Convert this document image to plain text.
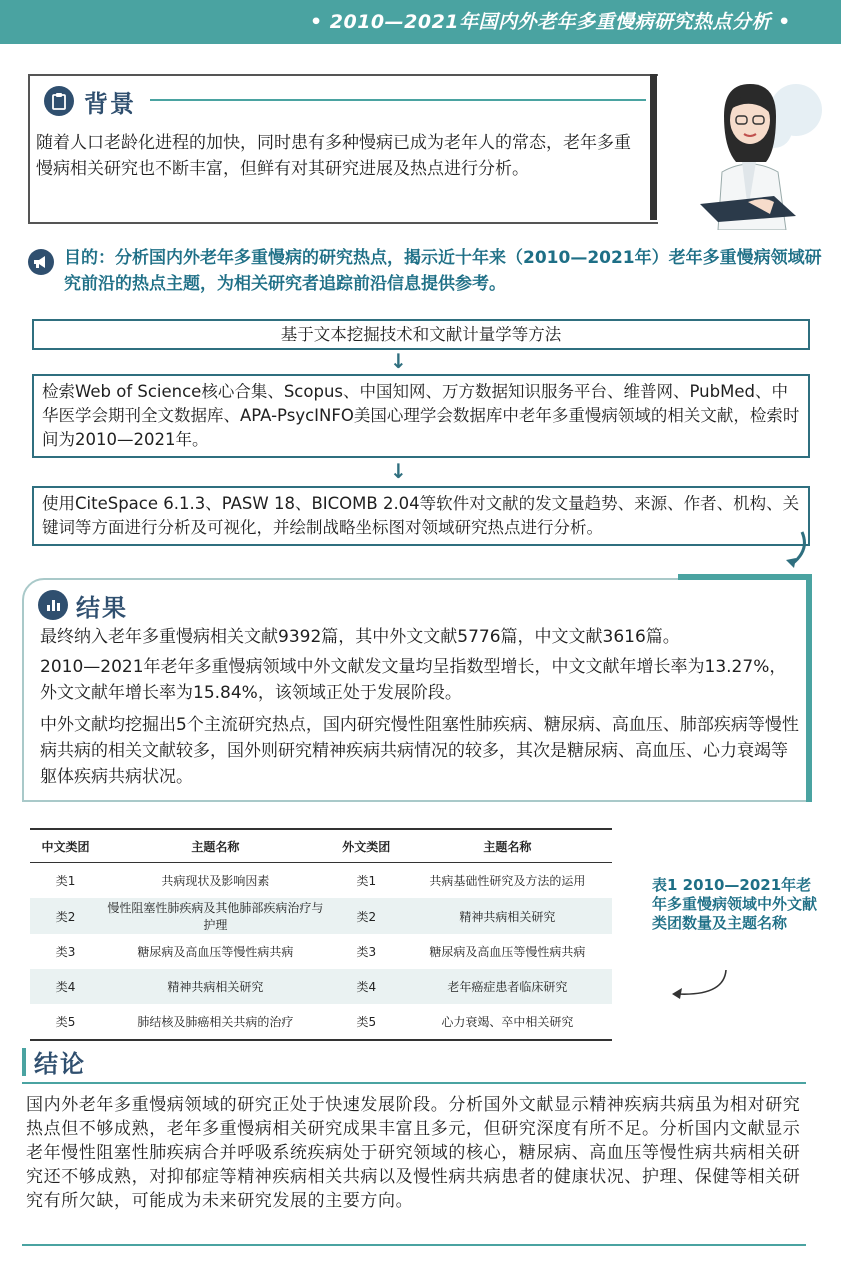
• 2010—2021年国内外老年多重慢病研究热点分析 •
背景
随着人口老龄化进程的加快，同时患有多种慢病已成为老年人的常态，老年多重慢病相关研究也不断丰富，但鲜有对其研究进展及热点进行分析。
目的：分析国内外老年多重慢病的研究热点，揭示近十年来（2010—2021年）老年多重慢病领域研究前沿的热点主题，为相关研究者追踪前沿信息提供参考。
基于文本挖掘技术和文献计量学等方法
↓
检索Web of Science核心合集、Scopus、中国知网、万方数据知识服务平台、维普网、PubMed、中华医学会期刊全文数据库、APA-PsycINFO美国心理学会数据库中老年多重慢病领域的相关文献，检索时间为2010—2021年。
↓
使用CiteSpace 6.1.3、PASW 18、BICOMB 2.04等软件对文献的发文量趋势、来源、作者、机构、关键词等方面进行分析及可视化，并绘制战略坐标图对领域研究热点进行分析。
结果
最终纳入老年多重慢病相关文献9392篇，其中外文文献5776篇，中文文献3616篇。
2010—2021年老年多重慢病领域中外文献发文量均呈指数型增长，中文文献年增长率为13.27%，外文文献年增长率为15.84%，该领域正处于发展阶段。
中外文献均挖掘出5个主流研究热点，国内研究慢性阻塞性肺疾病、糖尿病、高血压、肺部疾病等慢性病共病的相关文献较多，国外则研究精神疾病共病情况的较多，其次是糖尿病、高血压、心力衰竭等躯体疾病共病状况。
中文类团	主题名称	外文类团	主题名称
类1	共病现状及影响因素	类1	共病基础性研究及方法的运用
类2	慢性阻塞性肺疾病及其他肺部疾病治疗与护理	类2	精神共病相关研究
类3	糖尿病及高血压等慢性病共病	类3	糖尿病及高血压等慢性病共病
类4	精神共病相关研究	类4	老年癌症患者临床研究
类5	肺结核及肺癌相关共病的治疗	类5	心力衰竭、卒中相关研究
表1 2010—2021年老年多重慢病领域中外文献类团数量及主题名称
结论
国内外老年多重慢病领域的研究正处于快速发展阶段。分析国外文献显示精神疾病共病虽为相对研究热点但不够成熟，老年多重慢病相关研究成果丰富且多元，但研究深度有所不足。分析国内文献显示老年慢性阻塞性肺疾病合并呼吸系统疾病处于研究领域的核心，糖尿病、高血压等慢性病共病相关研究还不够成熟，对抑郁症等精神疾病相关共病以及慢性病共病患者的健康状况、护理、保健等相关研究有所欠缺，可能成为未来研究发展的主要方向。
